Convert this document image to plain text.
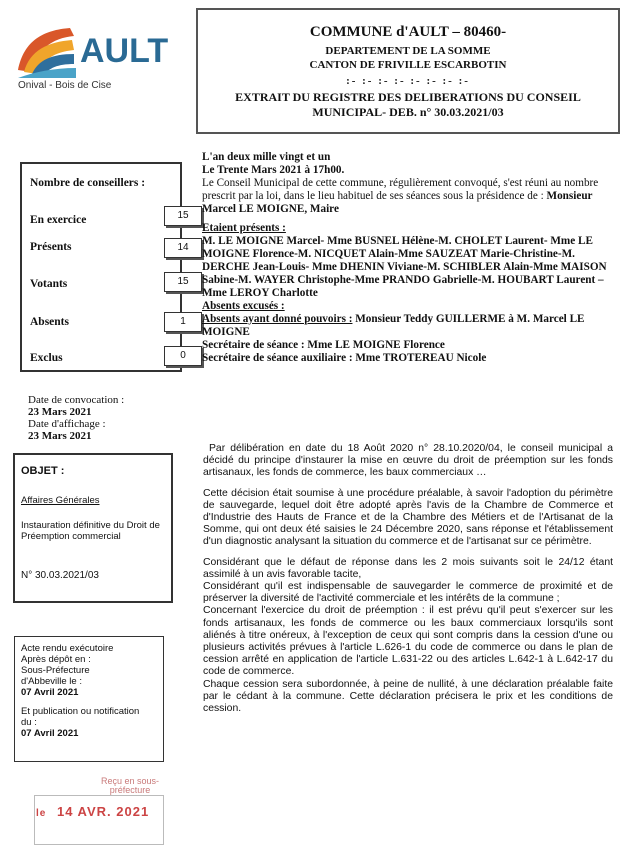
AULT
Onival - Bois de Cise
COMMUNE d'AULT – 80460-
DEPARTEMENT DE LA SOMME
CANTON DE FRIVILLE ESCARBOTIN
:- :- :- :- :- :- :- :-
EXTRAIT DU REGISTRE DES DELIBERATIONS DU CONSEIL
MUNICIPAL- DEB. n° 30.03.2021/03
Nombre de conseillers :
En exercice	15
Présents	14
Votants	15
Absents	1
Exclus	0
Date de convocation :
23 Mars 2021
Date d'affichage :
23 Mars 2021
OBJET :
Affaires Générales
Instauration définitive du Droit de Préemption commercial
N° 30.03.2021/03
Acte rendu exécutoire
Après dépôt en :
Sous-Préfecture
d'Abbeville le :
07 Avril 2021
Et publication ou notification
du :
07 Avril 2021
Reçu en sous-préfecture
le 14 AVR. 2021

L'an deux mille vingt et un

Le Trente Mars 2021 à 17h00.

Le Conseil Municipal de cette commune, régulièrement convoqué, s'est réuni au nombre prescrit par la loi, dans le lieu habituel de ses séances sous la présidence de : Monsieur Marcel LE MOIGNE, Maire

Etaient présents :

M. LE MOIGNE Marcel- Mme BUSNEL Hélène-M. CHOLET Laurent- Mme LE MOIGNE Florence-M. NICQUET Alain-Mme SAUZEAT Marie-Christine-M. DERCHE Jean-Louis- Mme DHENIN Viviane-M. SCHIBLER Alain-Mme MAISON Sabine-M. WAYER Christophe-Mme PRANDO Gabrielle-M. HOUBART Laurent – Mme LEROY Charlotte

Absents excusés :

Absents ayant donné pouvoirs : Monsieur Teddy GUILLERME à M. Marcel LE MOIGNE

Secrétaire de séance : Mme LE MOIGNE Florence

Secrétaire de séance auxiliaire : Mme TROTEREAU Nicole

Par délibération en date du 18 Août 2020 n° 28.10.2020/04, le conseil municipal a décidé du principe d'instaurer la mise en œuvre du droit de préemption sur les fonds artisanaux, les fonds de commerce, les baux commerciaux …

Cette décision était soumise à une procédure préalable, à savoir l'adoption du périmètre de sauvegarde, lequel doit être adopté après l'avis de la Chambre de Commerce et d'Industrie des Hauts de France et de la Chambre des Métiers et de l'Artisanat de la Somme, qui ont deux été saisies le 24 Décembre 2020, sans réponse et l'établissement d'un diagnostic analysant la situation du commerce et de l'artisanat sur ce périmètre.

Considérant que le défaut de réponse dans les 2 mois suivants soit le 24/12 étant assimilé à un avis favorable tacite,

Considérant qu'il est indispensable de sauvegarder le commerce de proximité et de préserver la diversité de l'activité commerciale et les intérêts de la commune ;

Concernant l'exercice du droit de préemption : il est prévu qu'il peut s'exercer sur les fonds artisanaux, les fonds de commerce ou les baux commerciaux lorsqu'ils sont aliénés à titre onéreux, à l'exception de ceux qui sont compris dans la cession d'une ou plusieurs activités prévues à l'article L.626-1 du code de commerce ou dans le plan de cession arrêté en application de l'article L.631-22 ou des articles L.642-1 à L.642-17 du code de commerce.

Chaque cession sera subordonnée, à peine de nullité, à une déclaration préalable faite par le cédant à la commune. Cette déclaration précisera le prix et les conditions de cession.
